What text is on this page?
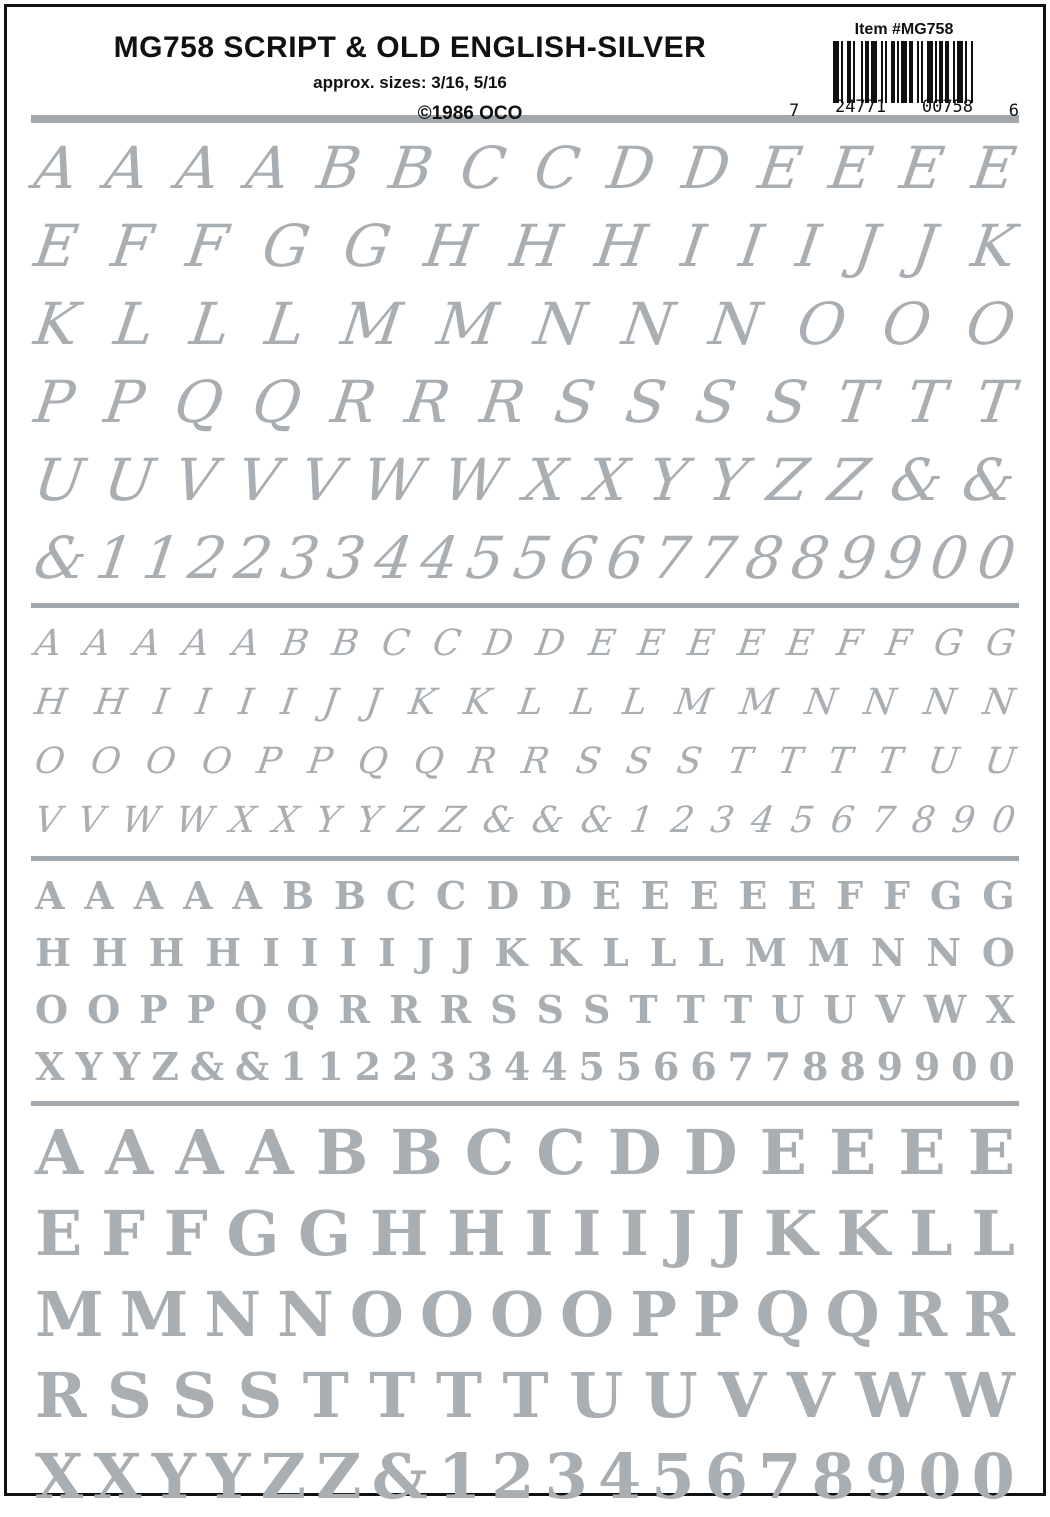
MG758 SCRIPT & OLD ENGLISH-SILVER
approx. sizes: 3/16, 5/16
©1986 OCO
Item #MG758
7 24771 00758 6
A A A A B B C C D D E E E E
E F F G G H H H I I I J J K
K L L L M M N N N O O O
P P Q Q R R R S S S S T T T
U U V V V W W X X Y Y Z Z & &
& 1 1 2 2 3 3 4 4 5 5 6 6 7 7 8 8 9 9 0 0
A A A A A B B C C D D E E E E E F F G G
H H I I I I J J K K L L L M M N N N N
O O O O P P Q Q R R S S S T T T T U U
V V W W X X Y Y Z Z & & & 1 2 3 4 5 6 7 8 9 0
A A A A A B B C C D D E E E E E F F G G
H H H H I I I I J J K K L L L M M N N O
O O P P Q Q R R R S S S T T T U U V W X
X Y Y Z & & 1 1 2 2 3 3 4 4 5 5 6 6 7 7 8 8 9 9 0 0
A A A A B B C C D D E E E E
E F F G G H H I I I J J K K L L
M M N N O O O O P P Q Q R R
R S S S T T T T U U V V W W
X X Y Y Z Z & 1 2 3 4 5 6 7 8 9 0 0
